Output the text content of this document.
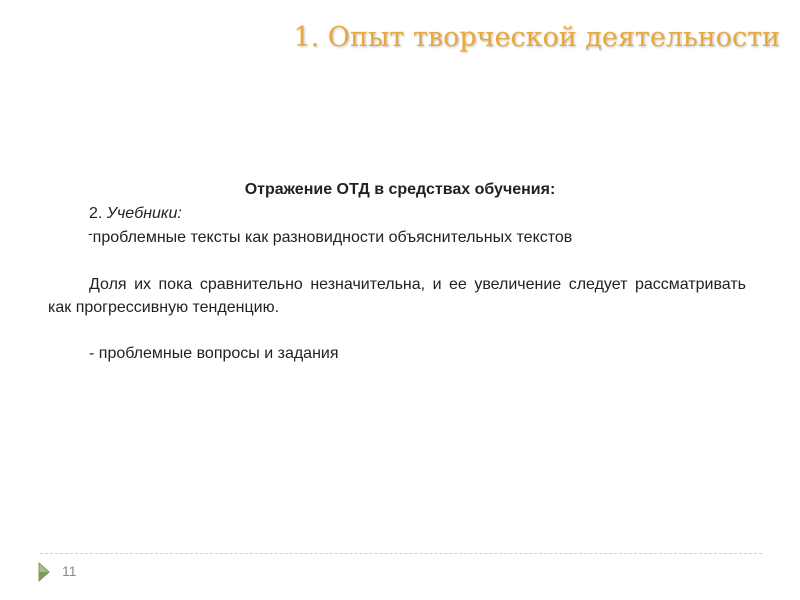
1. Опыт творческой деятельности
Отражение ОТД в средствах обучения:
2. Учебники:
-проблемные тексты как разновидности объяснительных текстов
Доля их пока сравнительно незначительна, и ее увеличение следует рассматривать как прогрессивную тенденцию.
- проблемные вопросы и задания
11
